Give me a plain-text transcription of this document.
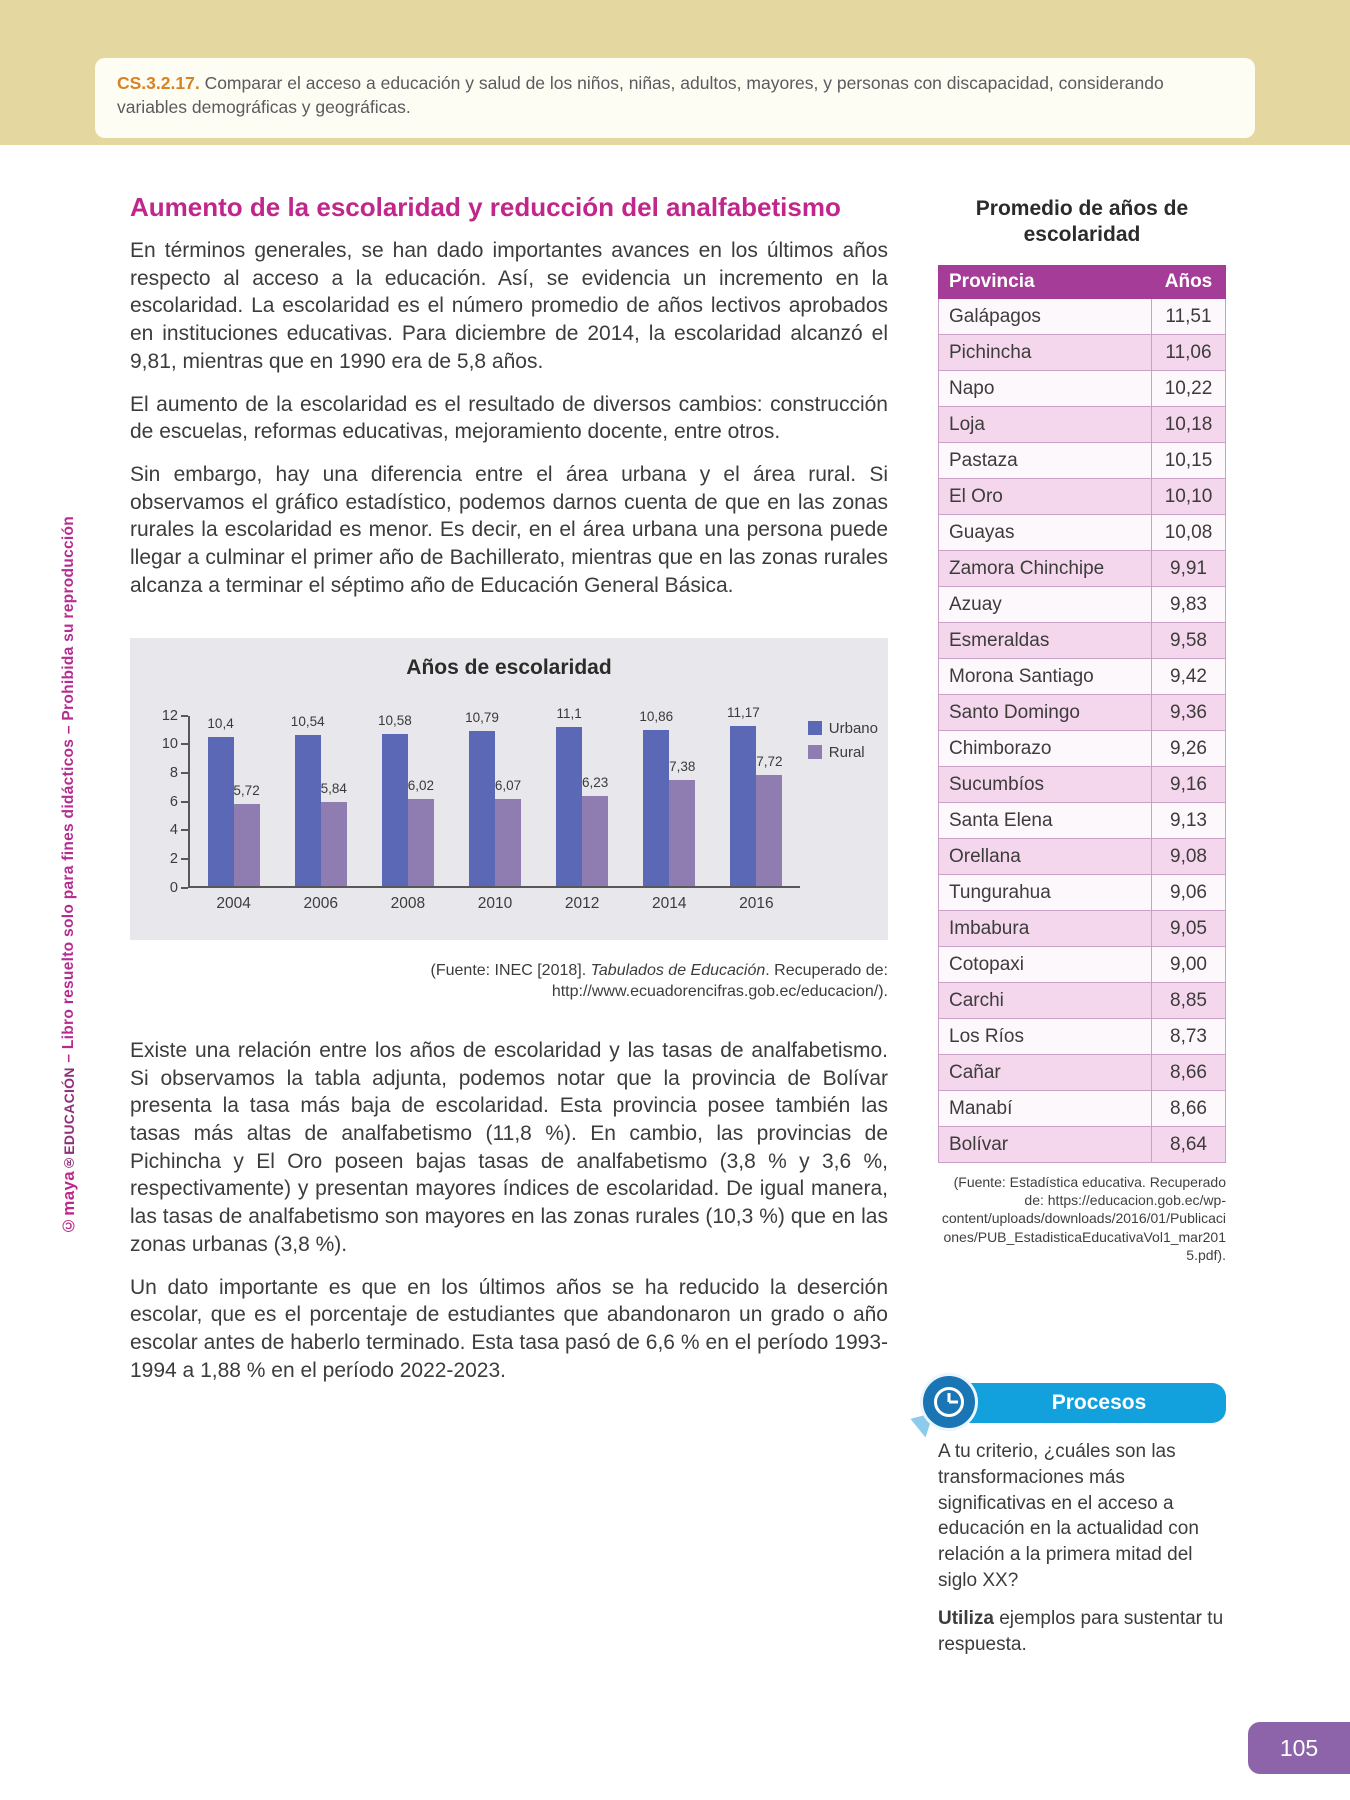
CS.3.2.17. Comparar el acceso a educación y salud de los niños, niñas, adultos, mayores, y personas con discapacidad, considerando variables demográficas y geográficas.
©maya®EDUCACIÓN – Libro resuelto solo para fines didácticos – Prohibida su reproducción
Aumento de la escolaridad y reducción del analfabetismo

En términos generales, se han dado importantes avances en los últimos años respecto al acceso a la educación. Así, se evidencia un incremento en la escolaridad. La escolaridad es el número promedio de años lectivos aprobados en instituciones educativas. Para diciembre de 2014, la escolaridad alcanzó el 9,81, mientras que en 1990 era de 5,8 años.

El aumento de la escolaridad es el resultado de diversos cambios: construcción de escuelas, reformas educativas, mejoramiento docente, entre otros.

Sin embargo, hay una diferencia entre el área urbana y el área rural. Si observamos el gráfico estadístico, podemos darnos cuenta de que en las zonas rurales la escolaridad es menor. Es decir, en el área urbana una persona puede llegar a culminar el primer año de Bachillerato, mientras que en las zonas rurales alcanza a terminar el séptimo año de Educación General Básica.

Años de escolaridad
0
2
4
6
8
10
12 10,4
5,72
2004
10,54
5,84
2006
10,58
6,02
2008
10,79
6,07
2010
11,1
6,23
2012
10,86
7,38
2014
11,17
7,72
2016
Urbano
Rural
(Fuente: INEC [2018]. Tabulados de Educación. Recuperado de: http://www.ecuadorencifras.gob.ec/educacion/).

Existe una relación entre los años de escolaridad y las tasas de analfabetismo. Si observamos la tabla adjunta, podemos notar que la provincia de Bolívar presenta la tasa más baja de escolaridad. Esta provincia posee también las tasas más altas de analfabetismo (11,8 %). En cambio, las provincias de Pichincha y El Oro poseen bajas tasas de analfabetismo (3,8 % y 3,6 %, respectivamente) y presentan mayores índices de escolaridad. De igual manera, las tasas de analfabetismo son mayores en las zonas rurales (10,3 %) que en las zonas urbanas (3,8 %).

Un dato importante es que en los últimos años se ha reducido la deserción escolar, que es el porcentaje de estudiantes que abandonaron un grado o año escolar antes de haberlo terminado. Esta tasa pasó de 6,6 % en el período 1993-1994 a 1,88 % en el período 2022-2023.

Promedio de años de escolaridad
Provincia	Años
Galápagos	11,51
Pichincha	11,06
Napo	10,22
Loja	10,18
Pastaza	10,15
El Oro	10,10
Guayas	10,08
Zamora Chinchipe	9,91
Azuay	9,83
Esmeraldas	9,58
Morona Santiago	9,42
Santo Domingo	9,36
Chimborazo	9,26
Sucumbíos	9,16
Santa Elena	9,13
Orellana	9,08
Tungurahua	9,06
Imbabura	9,05
Cotopaxi	9,00
Carchi	8,85
Los Ríos	8,73
Cañar	8,66
Manabí	8,66
Bolívar	8,64
(Fuente: Estadística educativa. Recuperado de: https://educacion.gob.ec/wp-content/uploads/downloads/2016/01/Publicaciones/PUB_EstadisticaEducativaVol1_mar2015.pdf).
Procesos

A tu criterio, ¿cuáles son las transformaciones más significativas en el acceso a educación en la actualidad con relación a la primera mitad del siglo XX?

Utiliza ejemplos para sustentar tu respuesta.

105
